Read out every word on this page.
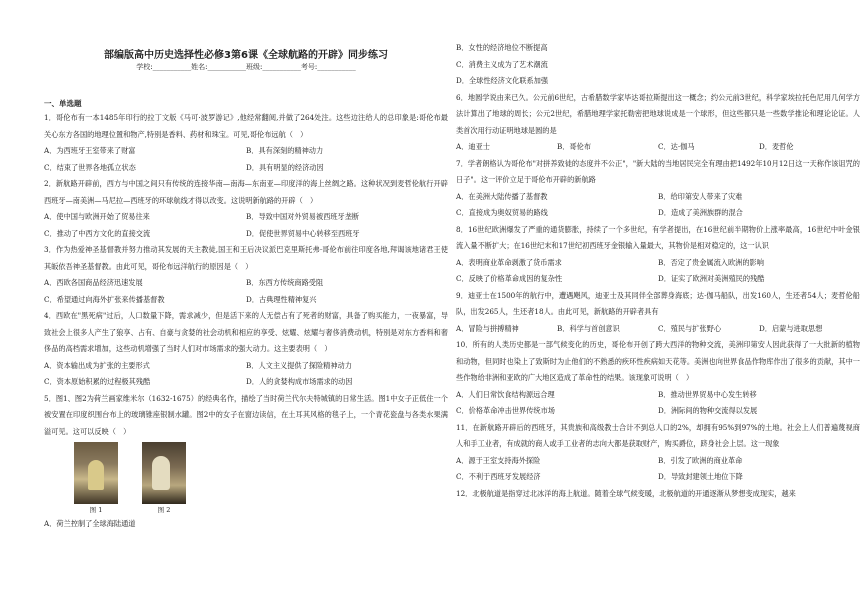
部编版高中历史选择性必修3第6课《全球航路的开辟》同步练习
学校:___________姓名:___________班级:___________考号:___________
一、单选题

1．哥伦布有一本1485年印行的拉丁文版《马可·波罗游记》,他经常翻阅,并做了264处注。这些边注给人的总印象是:哥伦布最关心东方各国的地理位置和物产,特别是香料、药材和珠宝。可见,哥伦布远航（　）

A．为西班牙王室带来了财富	B．具有深刻的精神动力
C．结束了世界各地孤立状态	D．具有明显的经济动因

2．新航路开辟前，西方与中国之间只有传统的连接华南—南海—东南亚—印度洋的海上丝绸之路。这种状况到麦哲伦航行开辟西班牙—南美洲—马尼拉—西班牙的环球航线才得以改变。这说明新航路的开辟（　）

A．使中国与欧洲开始了贸易往来	B．导致中国对外贸易被西班牙垄断
C．推动了中西方文化的直接交流	D．促使世界贸易中心转移至西班牙

3．作为热爱神圣基督教并努力推动其发展的天主教徒,国王和王后决议派巴克里斯托弗·哥伦布前往印度各地,拜谒该地诸君王使其皈依吾神圣基督教。由此可见，哥伦布远洋航行的原因是（　）

A．西欧各国商品经济迅速发展	B．东西方传统商路受阻
C．希望通过向海外扩张来传播基督教	D．古典理性精神复兴

4．西欧在"黑死病"过后，人口数量下降，需求减少，但是活下来的人无偿占有了死者的财富，具备了购买能力，一夜暴富，导致社会上很多人产生了狼享、占有、自豪与贪婪的社会动机和相应的享受、炫耀、炫耀与奢侈消费动机，特别是对东方香料和奢侈品的高档需求增加，这些动机增强了当时人们对市场需求的强大动力。这主要表明（　）

A．资本输出成为扩张的主要形式	B．人文主义提供了探险精神动力
C．资本原始积累的过程极其残酷	D．人的贪婪构成市场需求的动因

5．图1、图2为荷兰画家维米尔（1632-1675）的经典名作，描绘了当时荷兰代尔夫特城镇的日常生活。图1中女子正低住一个被安置在印度织围台布上的玻璃锥座银制水罐。图2中的女子在窗边读信，在土耳其风格的毯子上，一个青花瓷盘与各类水果满溢可见。这可以反映（　）

图 1	图 2

A．荷兰控制了全球海陆通道

B．女性的经济地位不断提高

C．消费主义成为了艺术潮流

D．全球性经济文化联系加强

6．地圆学说由来已久。公元前6世纪，古希腊数学家毕达哥拉斯提出这一概念；约公元前3世纪，科学家埃拉托色尼用几何学方法计算出了地球的周长；公元2世纪，希腊地理学家托勒密把地球说成是一个球形，但这些都只是一些数学推论和理论论证。人类首次用行动证明地球是圆的是

A．迪亚士	B．哥伦布	C．达·伽马	D．麦哲伦

7．学者朗格认为哥伦布"对拼养致徒的态度并不公正"，"新大陆的当地居民完全有理由把1492年10月12日这一天称作该诅咒的日子"。这一评价立足于哥伦布开辟的新航路

A．在美洲大陆传播了基督教	B．给印第安人带来了灾难
C．直接成为奥奴贸易的路线	D．造成了美洲族群的混合

8．16世纪欧洲爆发了严重的通货膨胀，持续了一个多世纪，有学者提出，在16世纪前半期物价上涨率最高，16世纪中叶金银流入量不断扩大；在16世纪末和17世纪初西班牙金银输入量最大，其物价是相对稳定的，这一认识

A．表明商业革命剥激了货币需求	B．否定了贵金属流入欧洲的影响
C．反映了价格革命成因的复杂性	D．证实了欧洲对美洲殖民的残酷

9．迪亚士在1500年的航行中，遭遇飓风，迪亚士及其同伴全部葬身海底；达·伽马船队，出发160人，生还者54人；麦哲伦船队，出发265人，生还者18人。由此可见，新航路的开辟者具有

A．冒险与拼搏精神	B．科学与首创意识	C．殖民与扩张野心	D．启蒙与进取思想

10．所有的人类历史都是一部气候变化的历史，哥伦布开创了跨大西洋的物种交流，美洲印第安人因此获得了一大批新的植物和动物，但同时也染上了致斯时为止他们的不熟悉的疾环性疾病如天花等。美洲也向世界食品作物库作出了很多的贡献，其中一些作物给非洲和亚欧的广大地区造成了革命性的结果。该现象可说明（　）

A．人们日常饮食结构源远合理	B．推动世界贸易中心发生转移
C．价格革命冲击世界传统市场	D．洲际间的物种交流得以发展

11．在新航路开辟后的西班牙，其贵族和高级教士合计不到总人口的2%，却拥有95%到97%的土地。社会上人们普遍蔑视商人和手工业者，有成就的商人或手工业者的志向大都是获取财产，购买爵位，跻身社会上层。这一现象

A．源于王室支持海外探险	B．引发了欧洲的商业革命
C．不利于西班牙发展经济	D．导致封建领土地位下降

12．北极航道是指穿过北冰洋的海上航道。随着全球气候变暖，北极航道的开通逐渐从梦想变成现实，越来
